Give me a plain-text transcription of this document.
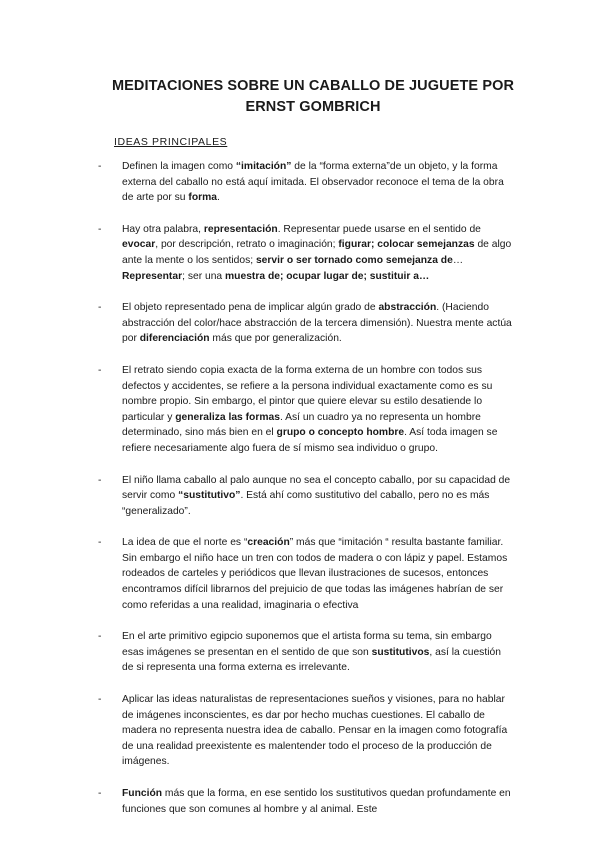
MEDITACIONES SOBRE UN CABALLO DE JUGUETE POR
ERNST GOMBRICH
IDEAS PRINCIPALES
-	Definen la imagen como “imitación” de la “forma externa”de un objeto, y la forma externa del caballo no está aquí imitada. El observador reconoce el tema de la obra de arte por su forma.

-	Hay otra palabra, representación. Representar puede usarse en el sentido de evocar, por descripción, retrato o imaginación; figurar; colocar semejanzas de algo ante la mente o los sentidos; servir o ser tornado como semejanza de… Representar; ser una muestra de; ocupar lugar de; sustituir a…

-	El objeto representado pena de implicar algún grado de abstracción. (Haciendo abstracción del color/hace abstracción de la tercera dimensión). Nuestra mente actúa por diferenciación más que por generalización.

-	El retrato siendo copia exacta de la forma externa de un hombre con todos sus defectos y accidentes, se refiere a la persona individual exactamente como es su nombre propio. Sin embargo, el pintor que quiere elevar su estilo desatiende lo particular y generaliza las formas. Así un cuadro ya no representa un hombre determinado, sino más bien en el grupo o concepto hombre. Así toda imagen se refiere necesariamente algo fuera de sí mismo sea individuo o grupo.

-	El niño llama caballo al palo aunque no sea el concepto caballo, por su capacidad de servir como “sustitutivo”. Está ahí como sustitutivo del caballo, pero no es más “generalizado”.

-	La idea de que el norte es “creación” más que “imitación “ resulta bastante familiar. Sin embargo el niño hace un tren con todos de madera o con lápiz y papel. Estamos rodeados de carteles y periódicos que llevan ilustraciones de sucesos, entonces encontramos difícil librarnos del prejuicio de que todas las imágenes habrían de ser como referidas a una realidad, imaginaria o efectiva

-	En el arte primitivo egipcio suponemos que el artista forma su tema, sin embargo esas imágenes se presentan en el sentido de que son sustitutivos, así la cuestión de si representa una forma externa es irrelevante.

-	Aplicar las ideas naturalistas de representaciones sueños y visiones, para no hablar de imágenes inconscientes, es dar por hecho muchas cuestiones. El caballo de madera no representa nuestra idea de caballo. Pensar en la imagen como fotografía de una realidad preexistente es malentender todo el proceso de la producción de imágenes.

-	Función más que la forma, en ese sentido los sustitutivos quedan profundamente en funciones que son comunes al hombre y al animal. Este
